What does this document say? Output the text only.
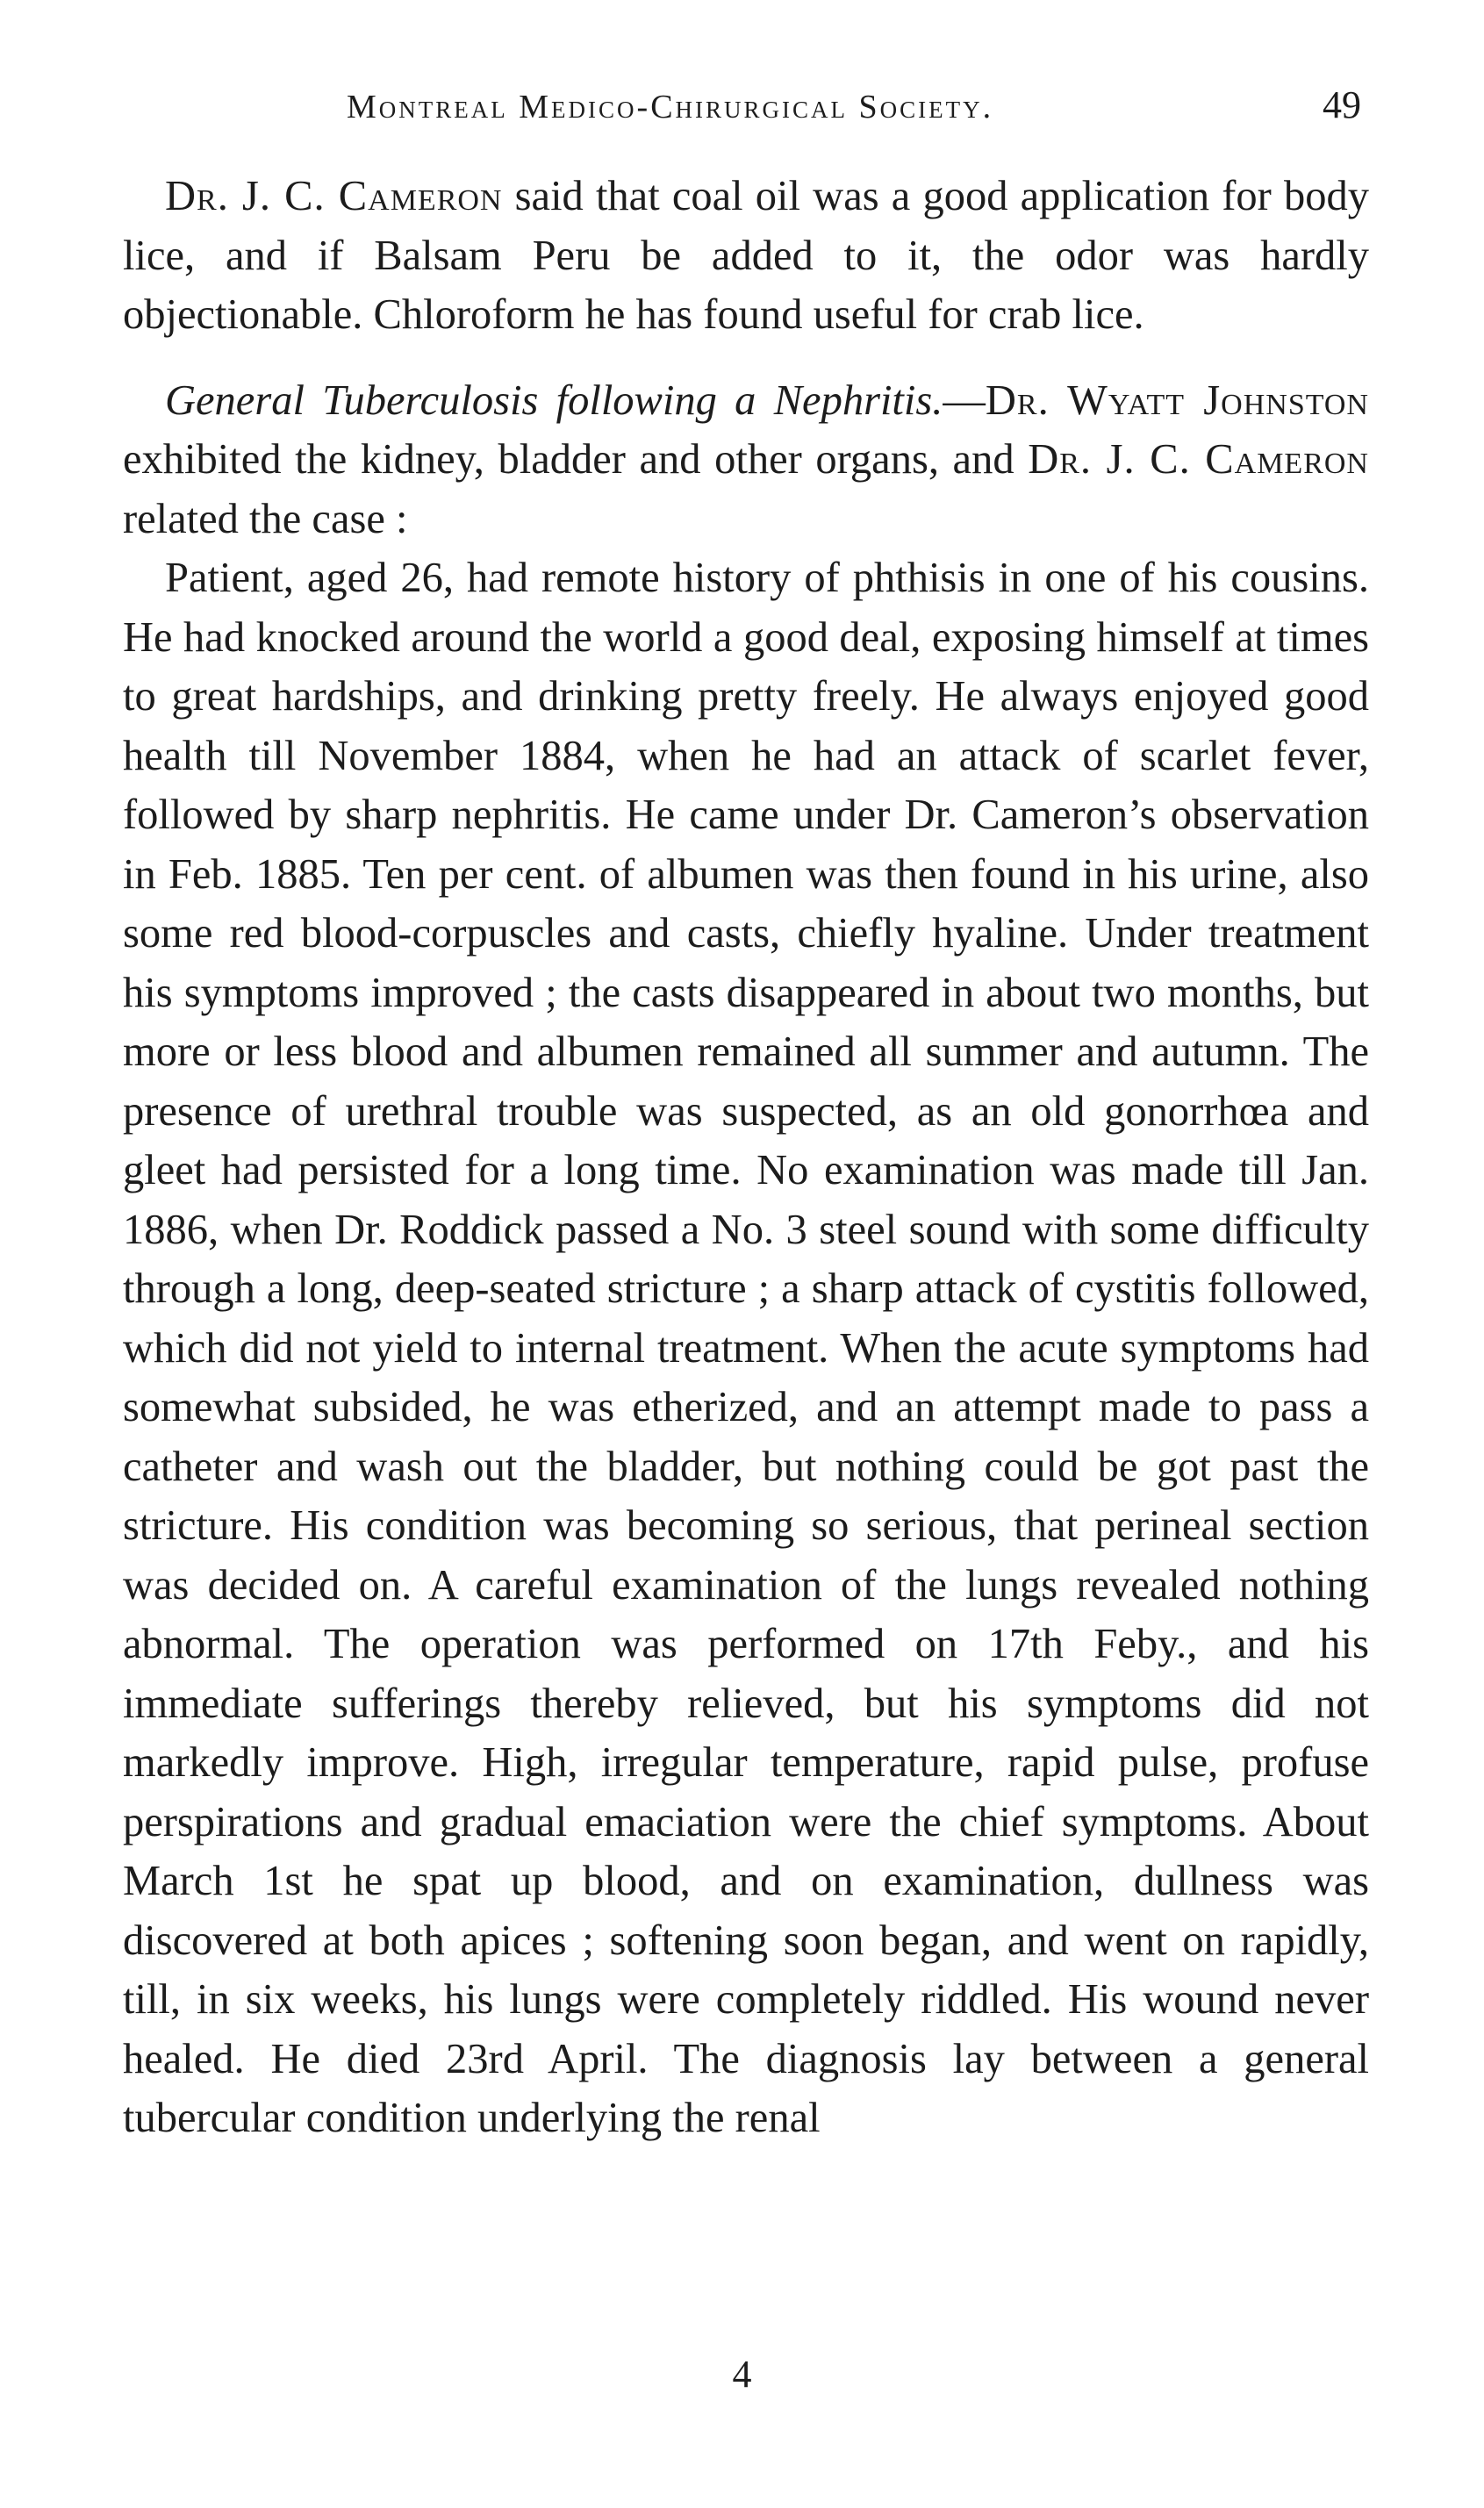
Montreal Medico-Chirurgical Society.	49

Dr. J. C. Cameron said that coal oil was a good application for body lice, and if Balsam Peru be added to it, the odor was hardly objectionable. Chloroform he has found useful for crab lice.

General Tuberculosis following a Nephritis.—Dr. Wyatt Johnston exhibited the kidney, bladder and other organs, and Dr. J. C. Cameron related the case :

Patient, aged 26, had remote history of phthisis in one of his cousins. He had knocked around the world a good deal, exposing himself at times to great hardships, and drinking pretty freely. He always enjoyed good health till November 1884, when he had an attack of scarlet fever, followed by sharp nephritis. He came under Dr. Cameron’s observation in Feb. 1885. Ten per cent. of albumen was then found in his urine, also some red blood-corpuscles and casts, chiefly hyaline. Under treatment his symptoms improved ; the casts disappeared in about two months, but more or less blood and albumen remained all summer and autumn. The presence of urethral trouble was suspected, as an old gonorrhœa and gleet had persisted for a long time. No examination was made till Jan. 1886, when Dr. Roddick passed a No. 3 steel sound with some difficulty through a long, deep-seated stricture ; a sharp attack of cystitis followed, which did not yield to internal treatment. When the acute symptoms had somewhat subsided, he was etherized, and an attempt made to pass a catheter and wash out the bladder, but nothing could be got past the stricture. His condition was becoming so serious, that perineal section was decided on. A careful examination of the lungs revealed nothing abnormal. The operation was performed on 17th Feby., and his immediate sufferings thereby relieved, but his symptoms did not markedly improve. High, irregular temperature, rapid pulse, profuse perspirations and gradual emaciation were the chief symptoms. About March 1st he spat up blood, and on examination, dullness was discovered at both apices ; softening soon began, and went on rapidly, till, in six weeks, his lungs were completely riddled. His wound never healed. He died 23rd April. The diagnosis lay between a general tubercular condition underlying the renal

4
